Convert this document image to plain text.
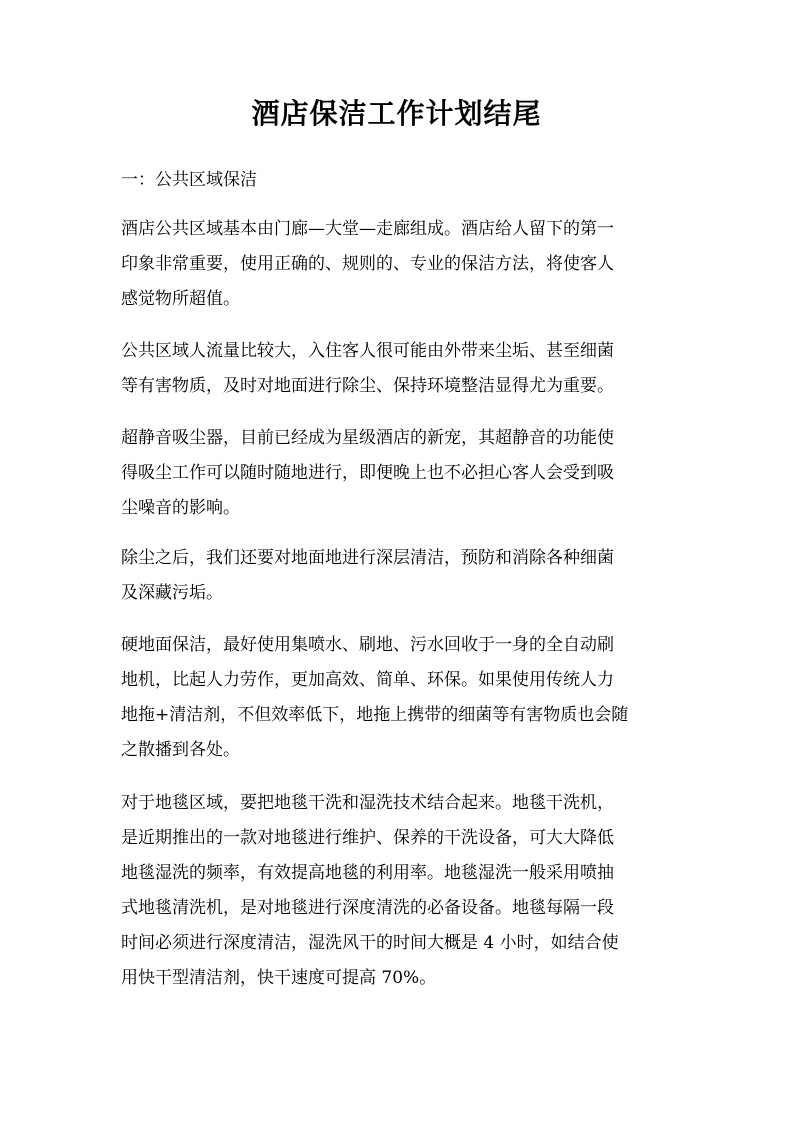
酒店保洁工作计划结尾
一：公共区域保洁
酒店公共区域基本由门廊—大堂—走廊组成。酒店给人留下的第一
印象非常重要，使用正确的、规则的、专业的保洁方法，将使客人
感觉物所超值。
公共区域人流量比较大，入住客人很可能由外带来尘垢、甚至细菌
等有害物质，及时对地面进行除尘、保持环境整洁显得尤为重要。
超静音吸尘器，目前已经成为星级酒店的新宠，其超静音的功能使
得吸尘工作可以随时随地进行，即便晚上也不必担心客人会受到吸
尘噪音的影响。
除尘之后，我们还要对地面地进行深层清洁，预防和消除各种细菌
及深藏污垢。
硬地面保洁，最好使用集喷水、刷地、污水回收于一身的全自动刷
地机，比起人力劳作，更加高效、简单、环保。如果使用传统人力
地拖+清洁剂，不但效率低下，地拖上携带的细菌等有害物质也会随
之散播到各处。
对于地毯区域，要把地毯干洗和湿洗技术结合起来。地毯干洗机，
是近期推出的一款对地毯进行维护、保养的干洗设备，可大大降低
地毯湿洗的频率，有效提高地毯的利用率。地毯湿洗一般采用喷抽
式地毯清洗机，是对地毯进行深度清洗的必备设备。地毯每隔一段
时间必须进行深度清洁，湿洗风干的时间大概是 4 小时，如结合使
用快干型清洁剂，快干速度可提高 70%。
